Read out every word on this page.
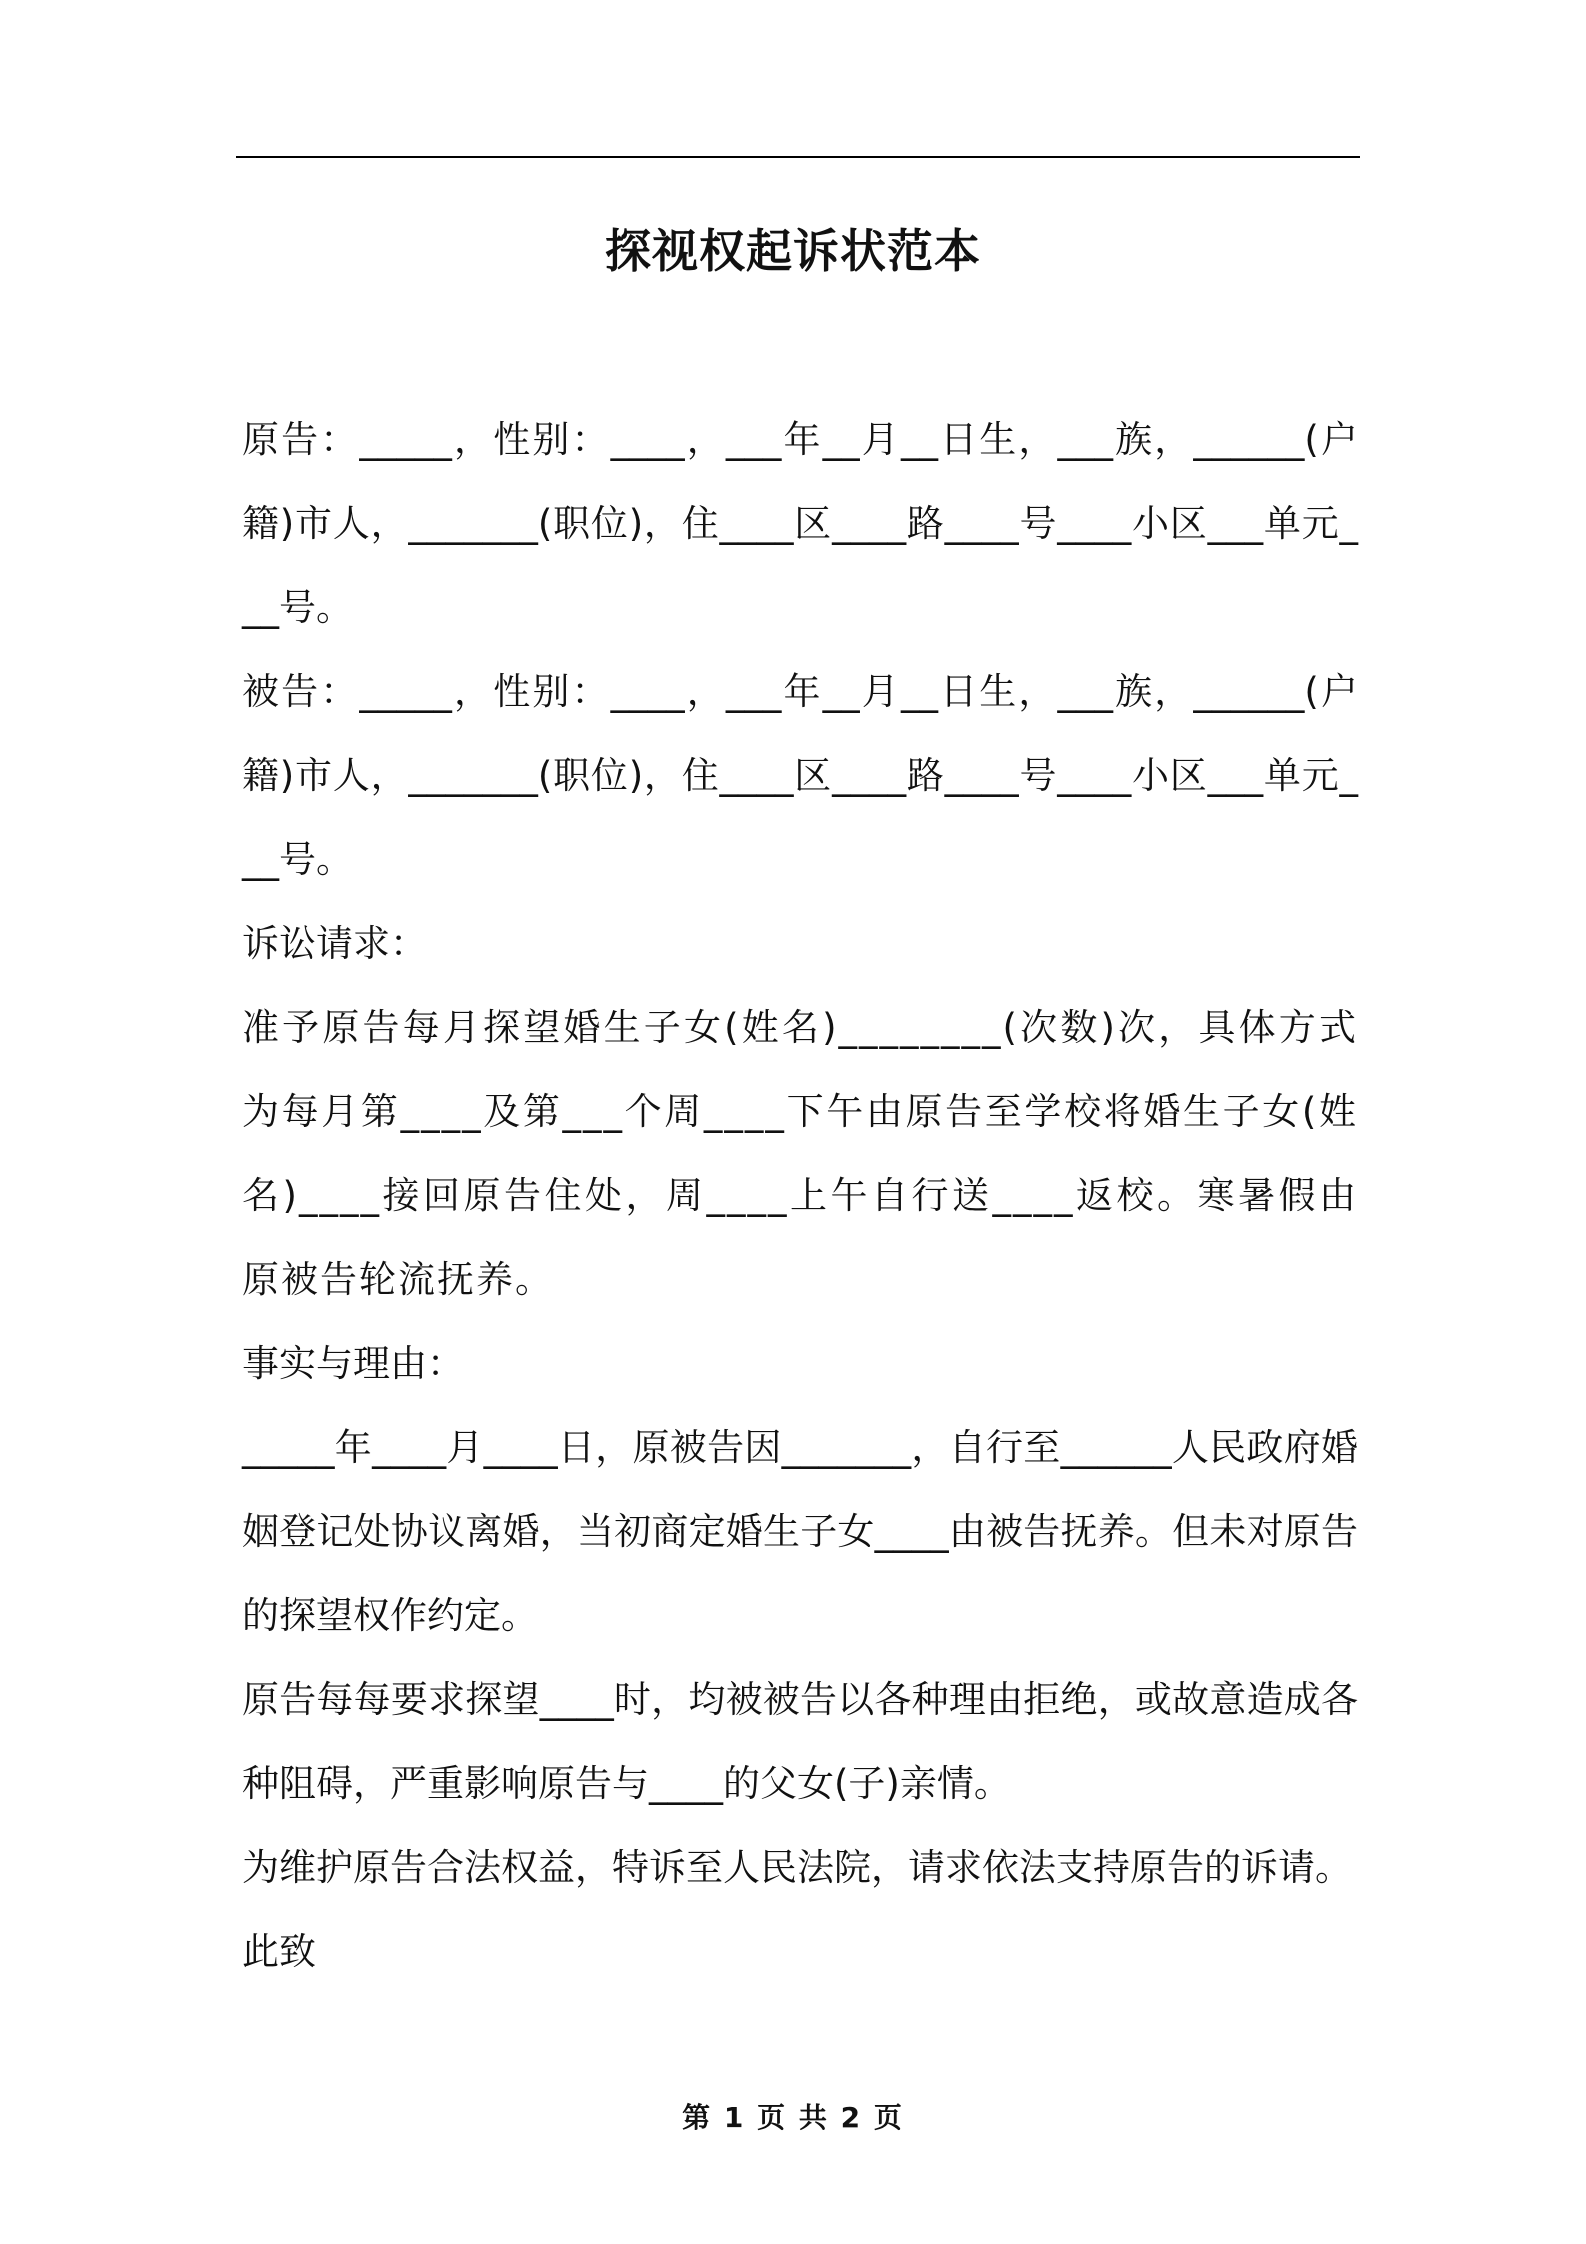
探视权起诉状范本

原告：_____，性别：____，___年__月__日生，___族，______(户籍)市人，_______(职位)，住____区____路____号____小区___单元___号。

被告：_____，性别：____，___年__月__日生，___族，______(户籍)市人，_______(职位)，住____区____路____号____小区___单元___号。

诉讼请求：

准予原告每月探望婚生子女(姓名)________(次数)次，具体方式为每月第____及第___个周____下午由原告至学校将婚生子女(姓名)____接回原告住处，周____上午自行送____返校。寒暑假由原被告轮流抚养。

事实与理由：

_____年____月____日，原被告因_______，自行至______人民政府婚姻登记处协议离婚，当初商定婚生子女____由被告抚养。但未对原告的探望权作约定。

原告每每要求探望____时，均被被告以各种理由拒绝，或故意造成各种阻碍，严重影响原告与____的父女(子)亲情。

为维护原告合法权益，特诉至人民法院，请求依法支持原告的诉请。

此致

第 1 页 共 2 页
